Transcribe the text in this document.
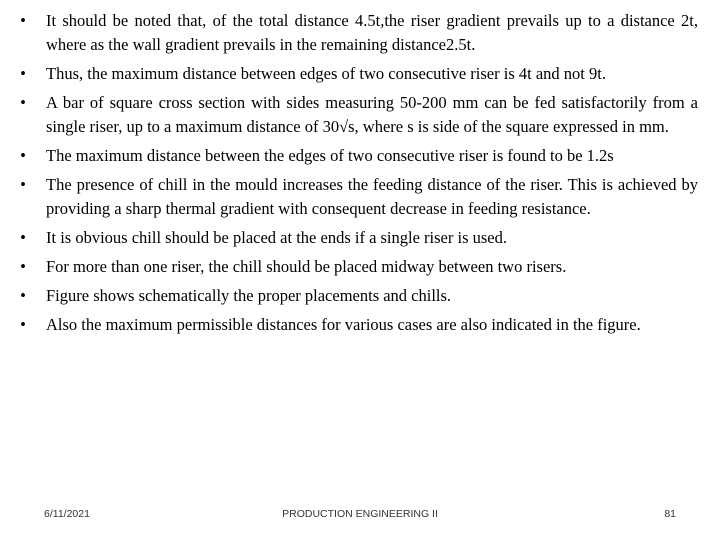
• It should be noted that, of the total distance 4.5t,the riser gradient prevails up to a distance 2t, where as the wall gradient prevails in the remaining distance2.5t.
• Thus, the maximum distance between edges of two consecutive riser is 4t and not 9t.
• A bar of square cross section with sides measuring 50-200 mm can be fed satisfactorily from a single riser, up to a maximum distance of 30√s, where s is side of the square expressed in mm.
• The maximum distance between the edges of two consecutive riser is found to be 1.2s
• The presence of chill in the mould increases the feeding distance of the riser. This is achieved by providing a sharp thermal gradient with consequent decrease in feeding resistance.
• It is obvious chill should be placed at the ends if a single riser is used.
• For more than one riser, the chill should be placed midway between two risers.
• Figure shows schematically the proper placements and chills.
• Also the maximum permissible distances for various cases are also indicated in the figure.
6/11/2021	PRODUCTION ENGINEERING II	81
